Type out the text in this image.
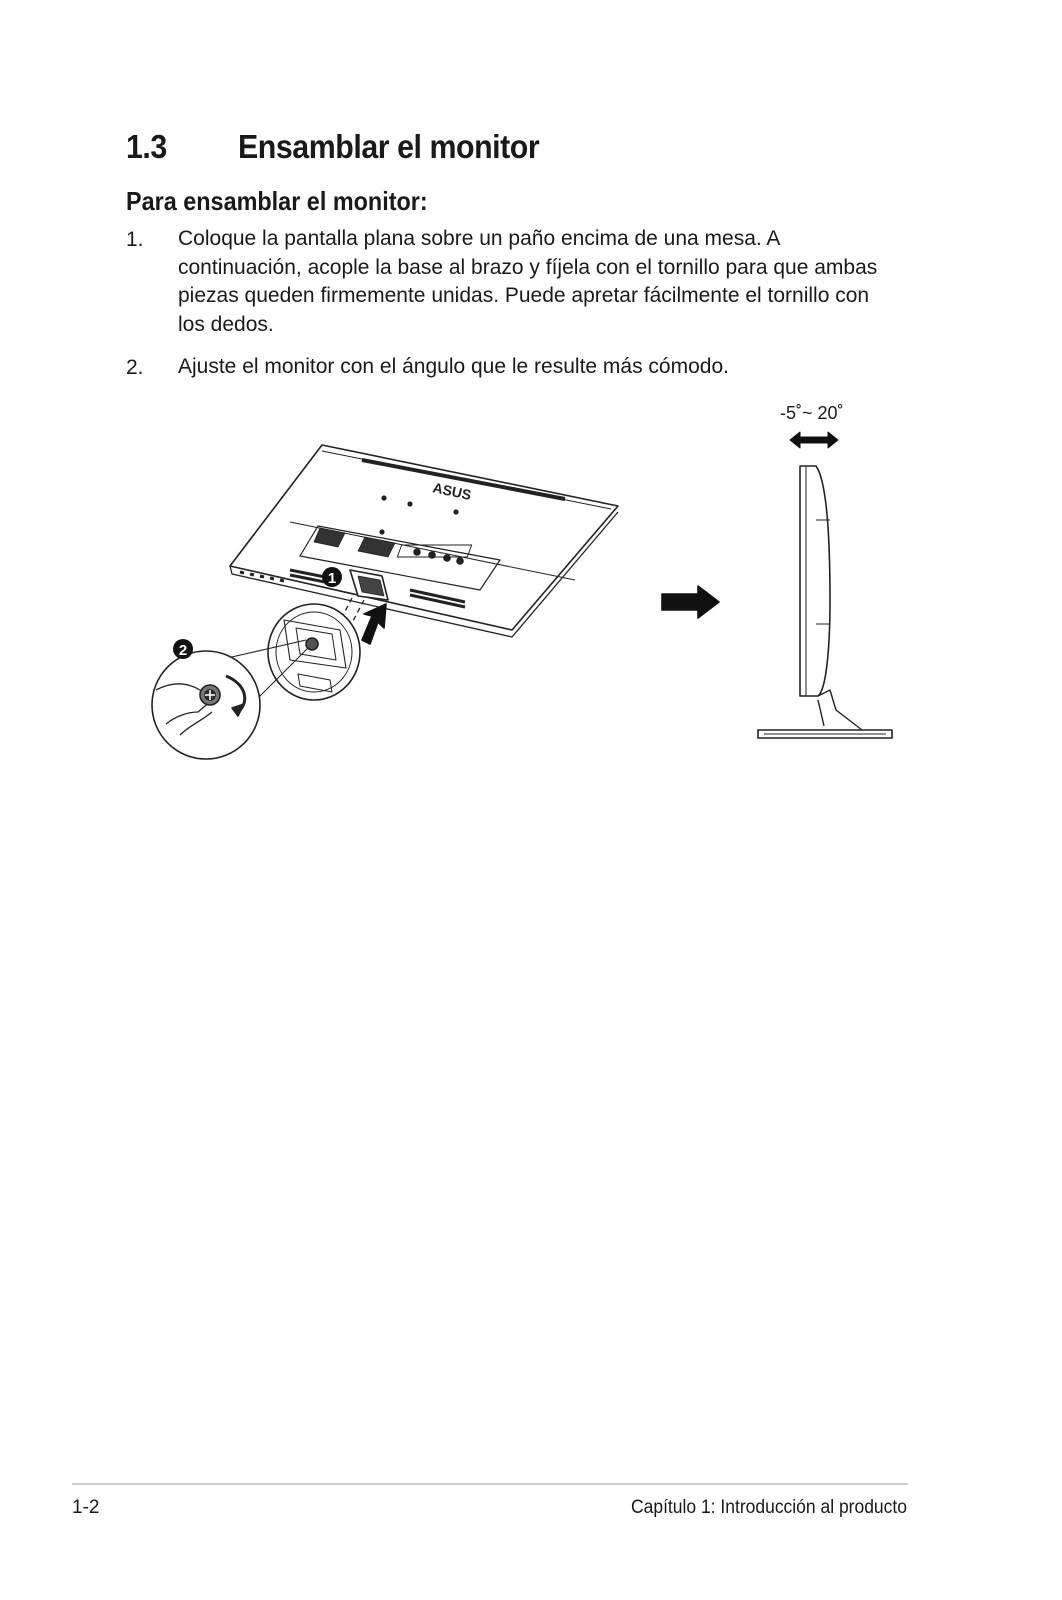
1.3 Ensamblar el monitor
Para ensamblar el monitor:
1. Coloque la pantalla plana sobre un paño encima de una mesa. A continuación, acople la base al brazo y fíjela con el tornillo para que ambas piezas queden firmemente unidas. Puede apretar fácilmente el tornillo con los dedos.
2. Ajuste el monitor con el ángulo que le resulte más cómodo.
-5˚~ 20˚
ASUS
1
2
1-2	Capítulo 1: Introducción al producto
